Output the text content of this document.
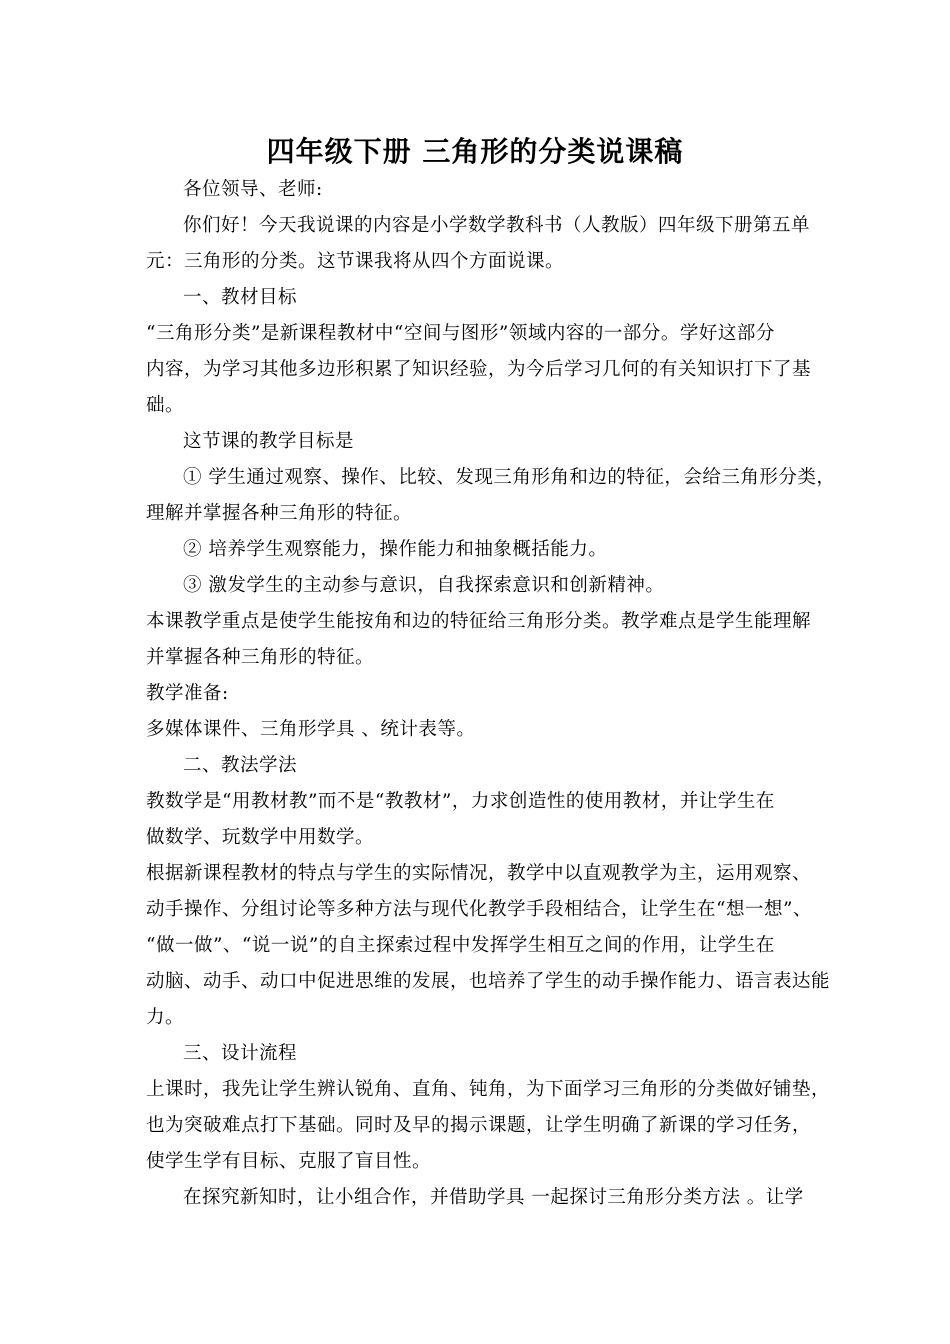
四年级下册 三角形的分类说课稿
各位领导、老师:
你们好！今天我说课的内容是小学数学教科书（人教版）四年级下册第五单
元：三角形的分类。这节课我将从四个方面说课。
一、教材目标
“三角形分类”是新课程教材中“空间与图形”领域内容的一部分。学好这部分
内容，为学习其他多边形积累了知识经验，为今后学习几何的有关知识打下了基
础。
这节课的教学目标是
① 学生通过观察、操作、比较、发现三角形角和边的特征，会给三角形分类，
理解并掌握各种三角形的特征。
② 培养学生观察能力，操作能力和抽象概括能力。
③ 激发学生的主动参与意识，自我探索意识和创新精神。
本课教学重点是使学生能按角和边的特征给三角形分类。教学难点是学生能理解
并掌握各种三角形的特征。
教学准备:
多媒体课件、三角形学具 、统计表等。
二、教法学法
教数学是“用教材教”而不是“教教材”，力求创造性的使用教材，并让学生在
做数学、玩数学中用数学。
根据新课程教材的特点与学生的实际情况，教学中以直观教学为主，运用观察、
动手操作、分组讨论等多种方法与现代化教学手段相结合，让学生在“想一想”、
“做一做”、“说一说”的自主探索过程中发挥学生相互之间的作用，让学生在
动脑、动手、动口中促进思维的发展，也培养了学生的动手操作能力、语言表达能
力。
三、设计流程
上课时，我先让学生辨认锐角、直角、钝角，为下面学习三角形的分类做好铺垫，
也为突破难点打下基础。同时及早的揭示课题，让学生明确了新课的学习任务，
使学生学有目标、克服了盲目性。
在探究新知时，让小组合作，并借助学具 一起探讨三角形分类方法 。让学
